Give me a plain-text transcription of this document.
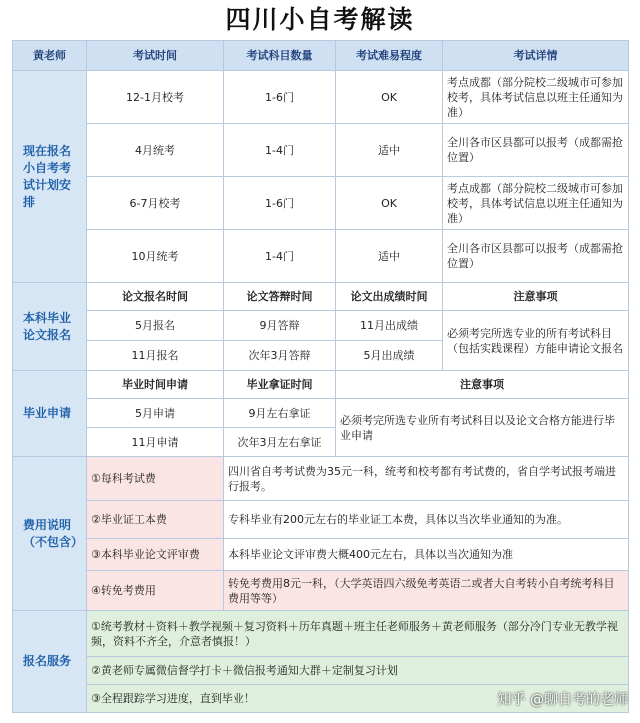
四川小自考解读
黄老师	考试时间	考试科目数量	考试难易程度	考试详情
现在报名小自考考试计划安排	12-1月校考	1-6门	OK	考点成都（部分院校二级城市可参加校考，具体考试信息以班主任通知为准）
	4月统考	1-4门	适中	全川各市区县都可以报考（成都需抢位置）
	6-7月校考	1-6门	OK	考点成都（部分院校二级城市可参加校考，具体考试信息以班主任通知为准）
	10月统考	1-4门	适中	全川各市区县都可以报考（成都需抢位置）
本科毕业论文报名	论文报名时间	论文答辩时间	论文出成绩时间	注意事项
	5月报名	9月答辩	11月出成绩	必须考完所选专业的所有考试科目（包括实践课程）方能申请论文报名
	11月报名	次年3月答辩	5月出成绩	
毕业申请	毕业时间申请	毕业拿证时间	注意事项	
	5月申请	9月左右拿证	必须考完所选专业所有考试科目以及论文合格方能进行毕业申请	
	11月申请	次年3月左右拿证		
费用说明（不包含）	①每科考试费	四川省自考考试费为35元一科，统考和校考都有考试费的，省自学考试报考端进行报考。		
	②毕业证工本费	专科毕业有200元左右的毕业证工本费，具体以当次毕业通知的为准。		
	③本科毕业论文评审费	本科毕业论文评审费大概400元左右，具体以当次通知为准		
	④转免考费用	转免考费用8元一科，（大学英语四六级免考英语二或者大自考转小自考统考科目费用等等）		
报名服务	①统考教材＋资料＋教学视频＋复习资料＋历年真题＋班主任老师服务＋黄老师服务（部分冷门专业无教学视频，资料不齐全，介意者慎报！）			
	②黄老师专属微信督学打卡＋微信报考通知大群＋定制复习计划			
	③全程跟踪学习进度，直到毕业！				知乎 @聊自考的老师
